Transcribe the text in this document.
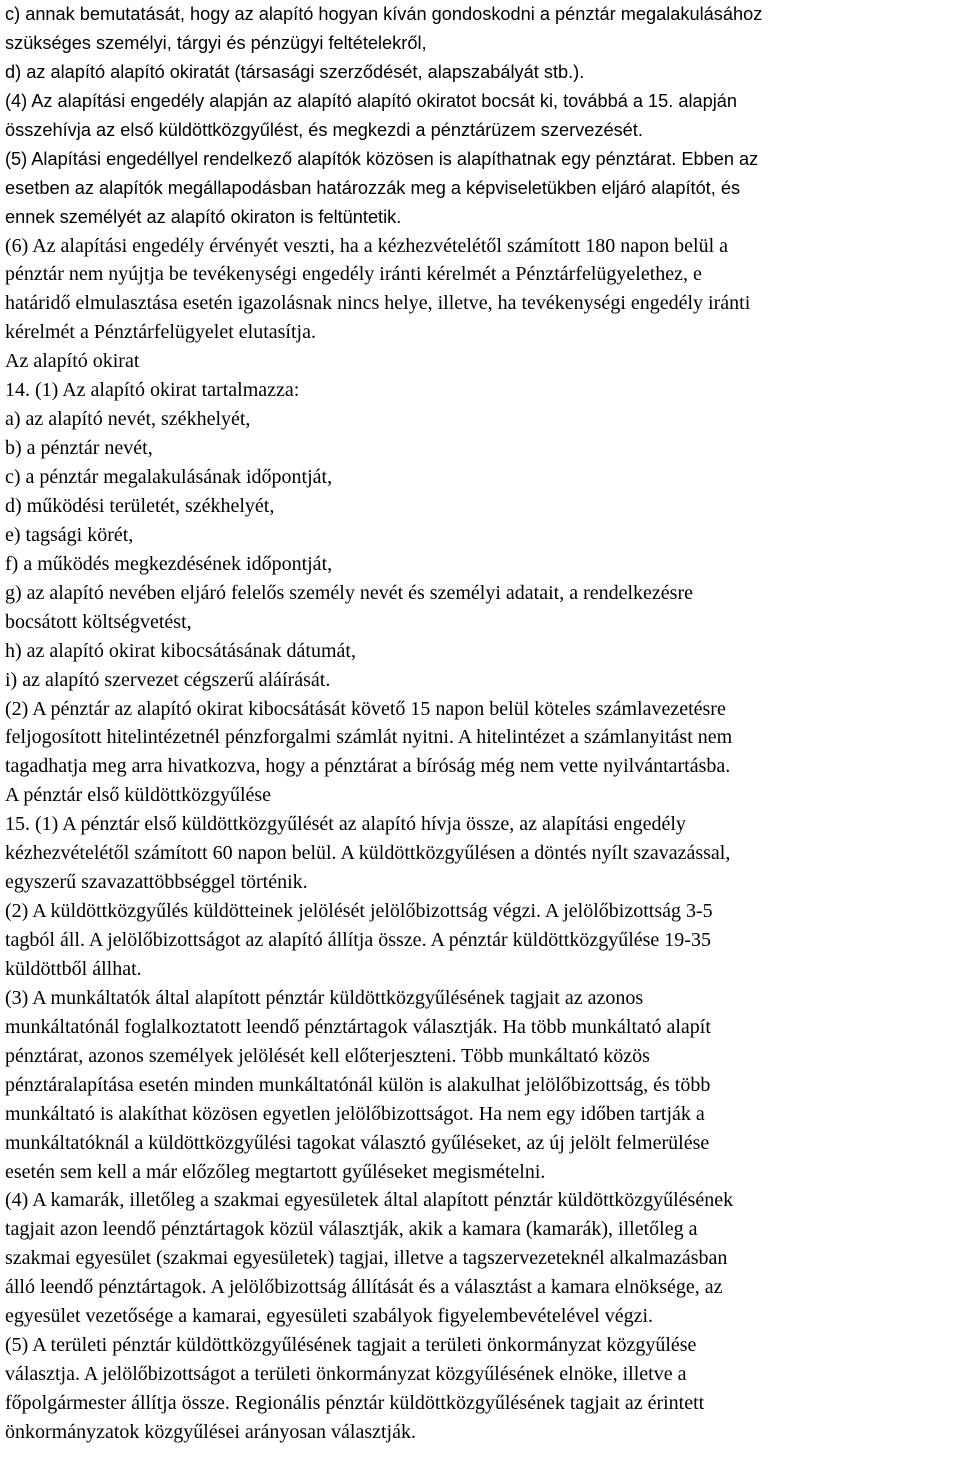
c) annak bemutatását, hogy az alapító hogyan kíván gondoskodni a pénztár megalakulásához
szükséges személyi, tárgyi és pénzügyi feltételekről,
d) az alapító alapító okiratát (társasági szerződését, alapszabályát stb.).
(4) Az alapítási engedély alapján az alapító alapító okiratot bocsát ki, továbbá a 15. alapján
összehívja az első küldöttközgyűlést, és megkezdi a pénztárüzem szervezését.
(5) Alapítási engedéllyel rendelkező alapítók közösen is alapíthatnak egy pénztárat. Ebben az
esetben az alapítók megállapodásban határozzák meg a képviseletükben eljáró alapítót, és
ennek személyét az alapító okiraton is feltüntetik.
(6) Az alapítási engedély érvényét veszti, ha a kézhezvételétől számított 180 napon belül a
pénztár nem nyújtja be tevékenységi engedély iránti kérelmét a Pénztárfelügyelethez, e
határidő elmulasztása esetén igazolásnak nincs helye, illetve, ha tevékenységi engedély iránti
kérelmét a Pénztárfelügyelet elutasítja.
Az alapító okirat
14. (1) Az alapító okirat tartalmazza:
a) az alapító nevét, székhelyét,
b) a pénztár nevét,
c) a pénztár megalakulásának időpontját,
d) működési területét, székhelyét,
e) tagsági körét,
f) a működés megkezdésének időpontját,
g) az alapító nevében eljáró felelős személy nevét és személyi adatait, a rendelkezésre
bocsátott költségvetést,
h) az alapító okirat kibocsátásának dátumát,
i) az alapító szervezet cégszerű aláírását.
(2) A pénztár az alapító okirat kibocsátását követő 15 napon belül köteles számlavezetésre
feljogosított hitelintézetnél pénzforgalmi számlát nyitni. A hitelintézet a számlanyitást nem
tagadhatja meg arra hivatkozva, hogy a pénztárat a bíróság még nem vette nyilvántartásba.
A pénztár első küldöttközgyűlése
15. (1) A pénztár első küldöttközgyűlését az alapító hívja össze, az alapítási engedély
kézhezvételétől számított 60 napon belül. A küldöttközgyűlésen a döntés nyílt szavazással,
egyszerű szavazattöbbséggel történik.
(2) A küldöttközgyűlés küldötteinek jelölését jelölőbizottság végzi. A jelölőbizottság 3-5
tagból áll. A jelölőbizottságot az alapító állítja össze. A pénztár küldöttközgyűlése 19-35
küldöttből állhat.
(3) A munkáltatók által alapított pénztár küldöttközgyűlésének tagjait az azonos
munkáltatónál foglalkoztatott leendő pénztártagok választják. Ha több munkáltató alapít
pénztárat, azonos személyek jelölését kell előterjeszteni. Több munkáltató közös
pénztáralapítása esetén minden munkáltatónál külön is alakulhat jelölőbizottság, és több
munkáltató is alakíthat közösen egyetlen jelölőbizottságot. Ha nem egy időben tartják a
munkáltatóknál a küldöttközgyűlési tagokat választó gyűléseket, az új jelölt felmerülése
esetén sem kell a már előzőleg megtartott gyűléseket megismételni.
(4) A kamarák, illetőleg a szakmai egyesületek által alapított pénztár küldöttközgyűlésének
tagjait azon leendő pénztártagok közül választják, akik a kamara (kamarák), illetőleg a
szakmai egyesület (szakmai egyesületek) tagjai, illetve a tagszervezeteknél alkalmazásban
álló leendő pénztártagok. A jelölőbizottság állítását és a választást a kamara elnöksége, az
egyesület vezetősége a kamarai, egyesületi szabályok figyelembevételével végzi.
(5) A területi pénztár küldöttközgyűlésének tagjait a területi önkormányzat közgyűlése
választja. A jelölőbizottságot a területi önkormányzat közgyűlésének elnöke, illetve a
főpolgármester állítja össze. Regionális pénztár küldöttközgyűlésének tagjait az érintett
önkormányzatok közgyűlései arányosan választják.
